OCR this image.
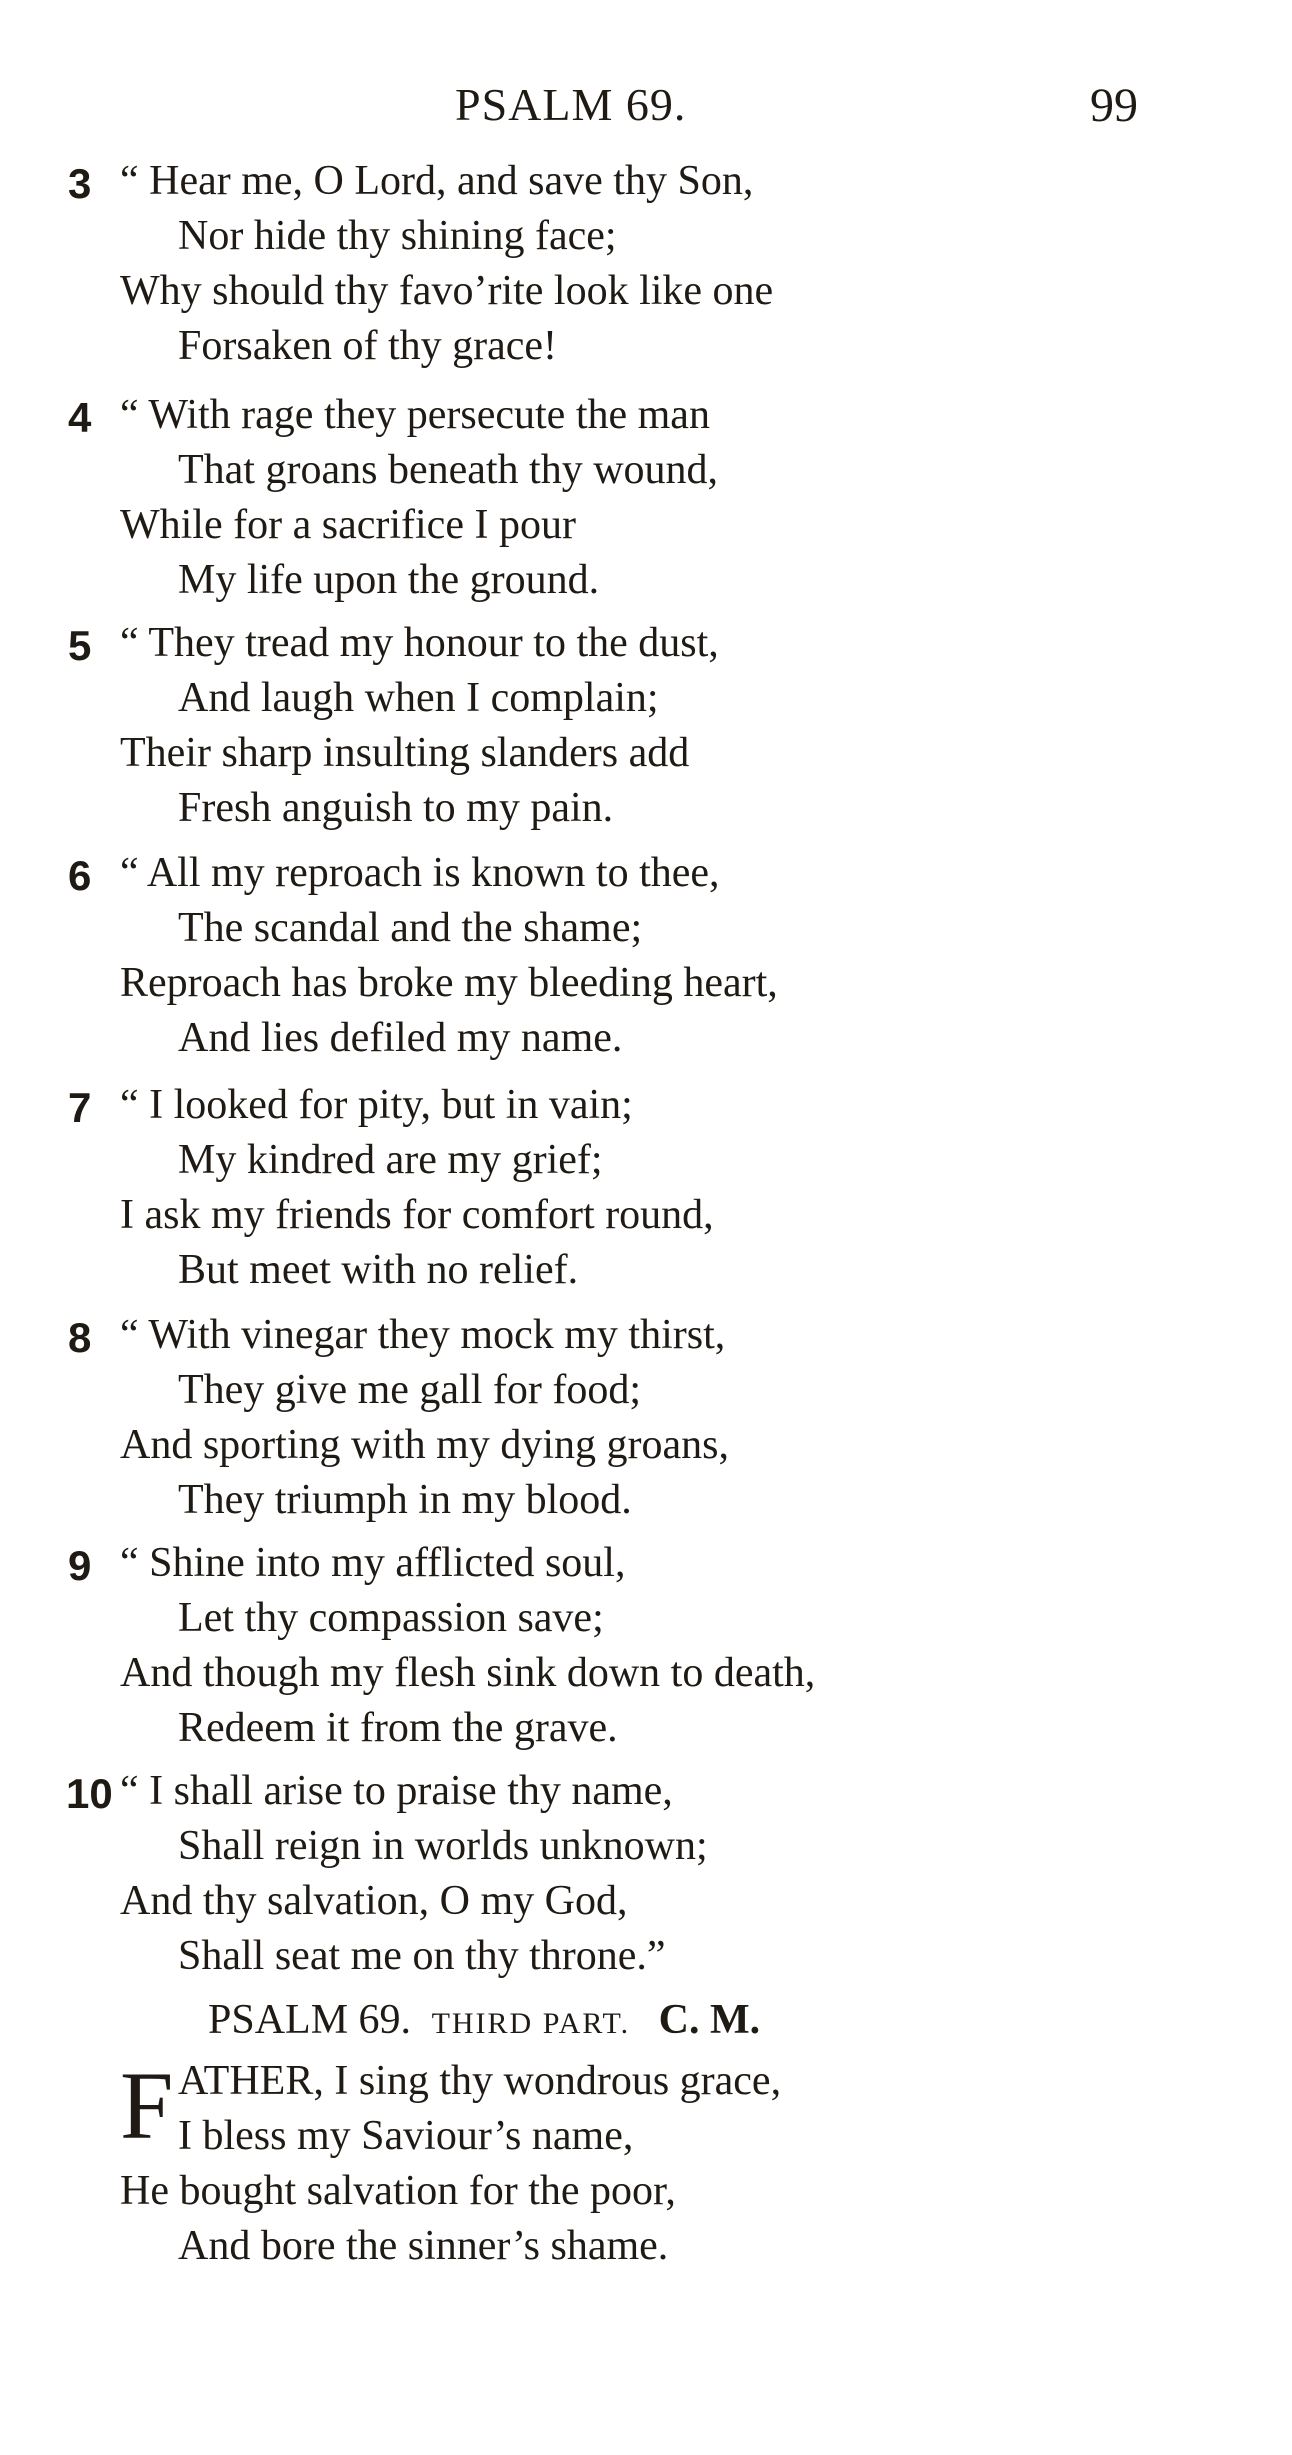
PSALM 69.	99
3 “ Hear me, O Lord, and save thy Son,
Nor hide thy shining face;
Why should thy favo’rite look like one
Forsaken of thy grace!
4 “ With rage they persecute the man
That groans beneath thy wound,
While for a sacrifice I pour
My life upon the ground.
5 “ They tread my honour to the dust,
And laugh when I complain;
Their sharp insulting slanders add
Fresh anguish to my pain.
6 “ All my reproach is known to thee,
The scandal and the shame;
Reproach has broke my bleeding heart,
And lies defiled my name.
7 “ I looked for pity, but in vain;
My kindred are my grief;
I ask my friends for comfort round,
But meet with no relief.
8 “ With vinegar they mock my thirst,
They give me gall for food;
And sporting with my dying groans,
They triumph in my blood.
9 “ Shine into my afflicted soul,
Let thy compassion save;
And though my flesh sink down to death,
Redeem it from the grave.
10 “ I shall arise to praise thy name,
Shall reign in worlds unknown;
And thy salvation, O my God,
Shall seat me on thy throne.”
PSALM 69. THIRD PART. C. M.
F ATHER, I sing thy wondrous grace,
I bless my Saviour’s name,
He bought salvation for the poor,
And bore the sinner’s shame.
